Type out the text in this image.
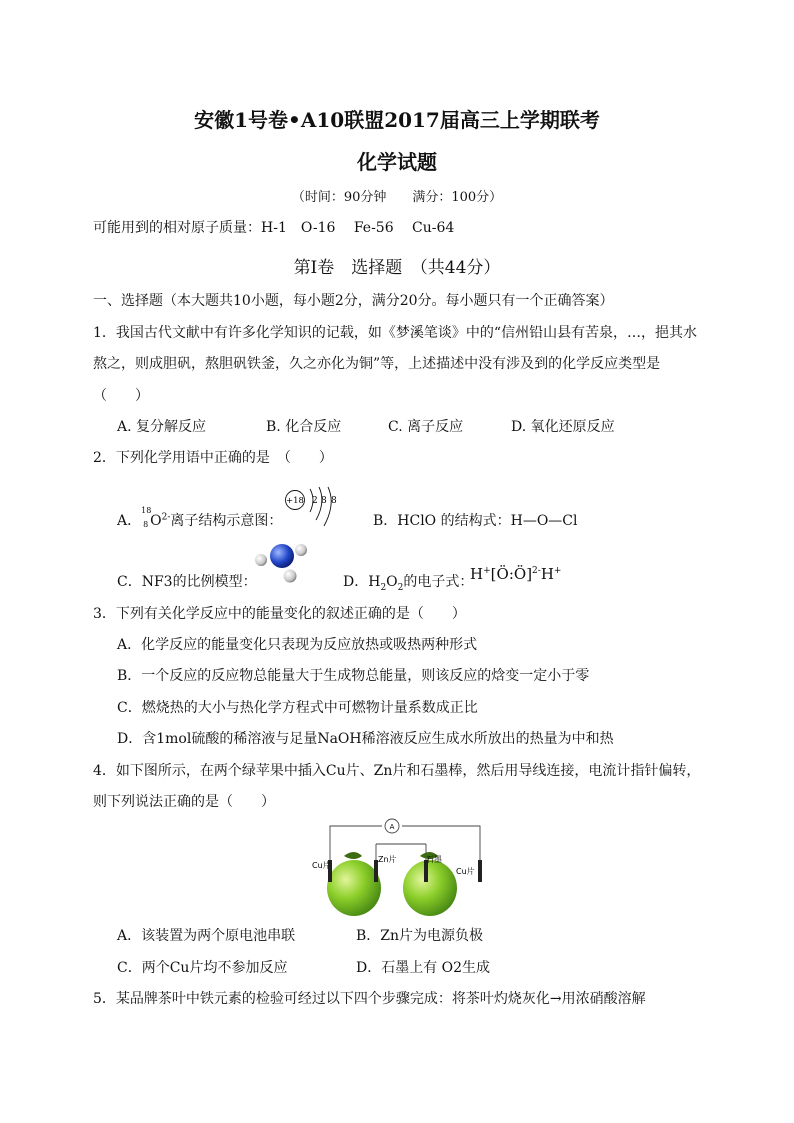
安徽1号卷•A10联盟2017届高三上学期联考
化学试题
（时间：90分钟　　满分：100分）
可能用到的相对原子质量：H-1　O-16　 Fe-56　 Cu-64
第Ⅰ卷　选择题　（共44分）
一、选择题（本大题共10小题，每小题2分，满分20分。每小题只有一个正确答案）
1．我国古代文献中有许多化学知识的记载，如《梦溪笔谈》中的“信州铅山县有苦泉，…，挹其水
熬之，则成胆矾，熬胆矾铁釜，久之亦化为铜”等，上述描述中没有涉及到的化学反应类型是
（　　）
A. 复分解反应	B. 化合反应	C. 离子反应	D. 氧化还原反应
2．下列化学用语中正确的是　（　　）
A．
18
8 $O^{2-}$离子结构示意图：
+18 2 8 8
B．HClO 的结构式：H—O—Cl
C．NF3的比例模型：	D．$H_2O_2$的电子式：
H+[Ö:Ö]$^{2-}$H+
3．下列有关化学反应中的能量变化的叙述正确的是（　　）
A．化学反应的能量变化只表现为反应放热或吸热两种形式
B．一个反应的反应物总能量大于生成物总能量，则该反应的焓变一定小于零
C．燃烧热的大小与热化学方程式中可燃物计量系数成正比
D．含1mol硫酸的稀溶液与足量NaOH稀溶液反应生成水所放出的热量为中和热
4．如下图所示，在两个绿苹果中插入Cu片、Zn片和石墨棒，然后用导线连接，电流计指针偏转，
则下列说法正确的是（　　）
A
Cu片
Zn片	石墨
Cu片
A．该装置为两个原电池串联	B．Zn片为电源负极
C．两个Cu片均不参加反应	D．石墨上有 O2生成
5．某品牌茶叶中铁元素的检验可经过以下四个步骤完成：将茶叶灼烧灰化→用浓硝酸溶解
